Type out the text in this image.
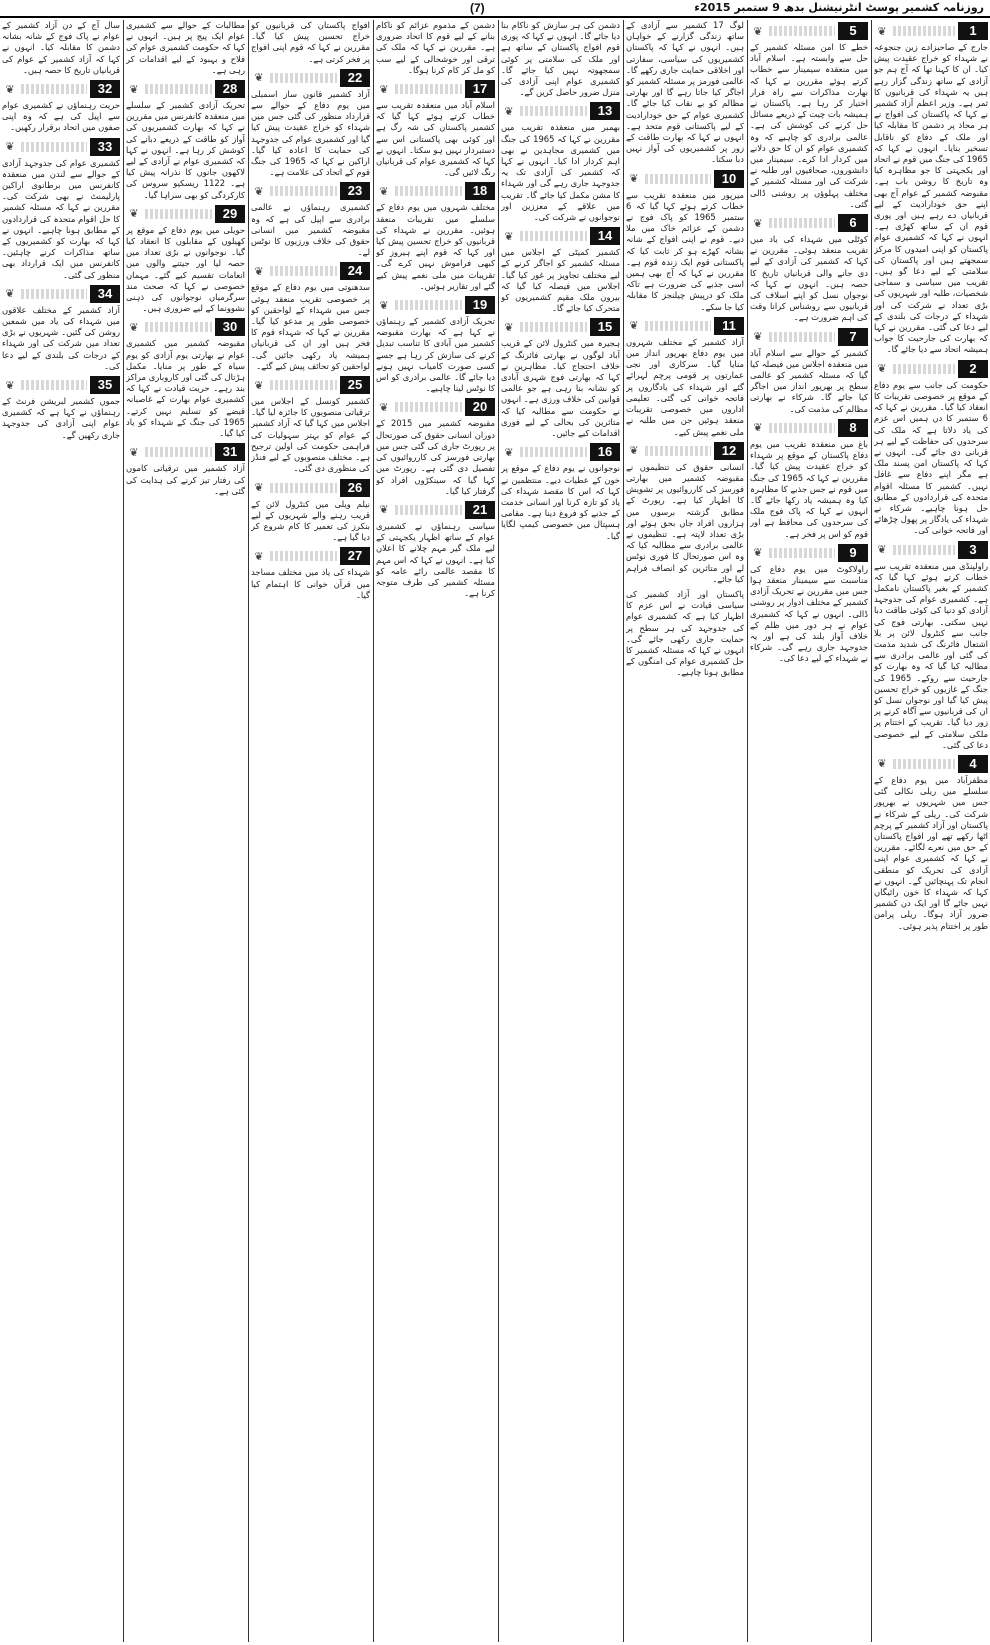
(7)	روزنامہ کشمیر پوسٹ انٹرنیشنل بدھ 9 ستمبر 2015ء
1
❦

جارج کے صاحبزادے زین جنجوعہ نے شہداء کو خراج عقیدت پیش کیا۔ ان کا کہنا تھا کہ آج ہم جو آزادی کے ساتھ زندگی گزار رہے ہیں یہ شہداء کی قربانیوں کا ثمر ہے۔ وزیر اعظم آزاد کشمیر نے کہا کہ پاکستان کی افواج نے ہر محاذ پر دشمن کا مقابلہ کیا اور ملک کے دفاع کو ناقابل تسخیر بنایا۔ انہوں نے کہا کہ 1965 کی جنگ میں قوم نے اتحاد اور یکجہتی کا جو مظاہرہ کیا وہ تاریخ کا روشن باب ہے۔ مقبوضہ کشمیر کے عوام آج بھی اپنے حق خودارادیت کے لیے قربانیاں دے رہے ہیں اور پوری قوم ان کے ساتھ کھڑی ہے۔ انہوں نے کہا کہ کشمیری عوام پاکستان کو اپنی امیدوں کا مرکز سمجھتے ہیں اور پاکستان کی سلامتی کے لیے دعا گو ہیں۔ تقریب میں سیاسی و سماجی شخصیات، طلبہ اور شہریوں کی بڑی تعداد نے شرکت کی اور شہداء کے درجات کی بلندی کے لیے دعا کی گئی۔ مقررین نے کہا کہ بھارت کی جارحیت کا جواب ہمیشہ اتحاد سے دیا جائے گا۔

2
❦

حکومت کی جانب سے یوم دفاع کے موقع پر خصوصی تقریبات کا انعقاد کیا گیا۔ مقررین نے کہا کہ 6 ستمبر کا دن ہمیں اس عزم کی یاد دلاتا ہے کہ ملک کی سرحدوں کی حفاظت کے لیے ہر قربانی دی جائے گی۔ انہوں نے کہا کہ پاکستان امن پسند ملک ہے مگر اپنے دفاع سے غافل نہیں۔ کشمیر کا مسئلہ اقوام متحدہ کی قراردادوں کے مطابق حل ہونا چاہیے۔ شرکاء نے شہداء کی یادگار پر پھول چڑھائے اور فاتحہ خوانی کی۔

3
❦

راولپنڈی میں منعقدہ تقریب سے خطاب کرتے ہوئے کہا گیا کہ کشمیر کے بغیر پاکستان نامکمل ہے۔ کشمیری عوام کی جدوجہد آزادی کو دنیا کی کوئی طاقت دبا نہیں سکتی۔ بھارتی فوج کی جانب سے کنٹرول لائن پر بلا اشتعال فائرنگ کی شدید مذمت کی گئی اور عالمی برادری سے مطالبہ کیا گیا کہ وہ بھارت کو جارحیت سے روکے۔ 1965 کی جنگ کے غازیوں کو خراج تحسین پیش کیا گیا اور نوجوان نسل کو ان کی قربانیوں سے آگاہ کرنے پر زور دیا گیا۔ تقریب کے اختتام پر ملکی سلامتی کے لیے خصوصی دعا کی گئی۔

4
❦

مظفرآباد میں یوم دفاع کے سلسلے میں ریلی نکالی گئی جس میں شہریوں نے بھرپور شرکت کی۔ ریلی کے شرکاء نے پاکستان اور آزاد کشمیر کے پرچم اٹھا رکھے تھے اور افواج پاکستان کے حق میں نعرے لگائے۔ مقررین نے کہا کہ کشمیری عوام اپنی آزادی کی تحریک کو منطقی انجام تک پہنچائیں گے۔ انہوں نے کہا کہ شہداء کا خون رائیگاں نہیں جائے گا اور ایک دن کشمیر ضرور آزاد ہوگا۔ ریلی پرامن طور پر اختتام پذیر ہوئی۔

5
❦

خطے کا امن مسئلہ کشمیر کے حل سے وابستہ ہے۔ اسلام آباد میں منعقدہ سیمینار سے خطاب کرتے ہوئے مقررین نے کہا کہ بھارت مذاکرات سے راہ فرار اختیار کر رہا ہے۔ پاکستان نے ہمیشہ بات چیت کے ذریعے مسائل حل کرنے کی کوشش کی ہے۔ عالمی برادری کو چاہیے کہ وہ کشمیری عوام کو ان کا حق دلانے میں کردار ادا کرے۔ سیمینار میں دانشوروں، صحافیوں اور طلبہ نے شرکت کی اور مسئلہ کشمیر کے مختلف پہلوؤں پر روشنی ڈالی گئی۔

6
❦

کوٹلی میں شہداء کی یاد میں تقریب منعقد ہوئی۔ مقررین نے کہا کہ کشمیر کی آزادی کے لیے دی جانے والی قربانیاں تاریخ کا حصہ ہیں۔ انہوں نے کہا کہ نوجوان نسل کو اپنے اسلاف کی قربانیوں سے روشناس کرانا وقت کی اہم ضرورت ہے۔

7
❦

کشمیر کے حوالے سے اسلام آباد میں منعقدہ اجلاس میں فیصلہ کیا گیا کہ مسئلہ کشمیر کو عالمی سطح پر بھرپور انداز میں اجاگر کیا جائے گا۔ شرکاء نے بھارتی مظالم کی مذمت کی۔

8
❦

باغ میں منعقدہ تقریب میں یوم دفاع پاکستان کے موقع پر شہداء کو خراج عقیدت پیش کیا گیا۔ مقررین نے کہا کہ 1965 کی جنگ میں قوم نے جس جذبے کا مظاہرہ کیا وہ ہمیشہ یاد رکھا جائے گا۔ انہوں نے کہا کہ پاک فوج ملک کی سرحدوں کی محافظ ہے اور قوم کو اس پر فخر ہے۔

9
❦

راولاکوٹ میں یوم دفاع کی مناسبت سے سیمینار منعقد ہوا جس میں مقررین نے تحریک آزادی کشمیر کے مختلف ادوار پر روشنی ڈالی۔ انہوں نے کہا کہ کشمیری عوام نے ہر دور میں ظلم کے خلاف آواز بلند کی ہے اور یہ جدوجہد جاری رہے گی۔ شرکاء نے شہداء کے لیے دعا کی۔

لوگ 17 کشمیر سے آزادی کے ساتھ زندگی گزارنے کے خواہاں ہیں۔ انہوں نے کہا کہ پاکستان کشمیریوں کی سیاسی، سفارتی اور اخلاقی حمایت جاری رکھے گا۔ عالمی فورمز پر مسئلہ کشمیر کو اجاگر کیا جاتا رہے گا اور بھارتی مظالم کو بے نقاب کیا جائے گا۔ کشمیری عوام کے حق خودارادیت کے لیے پاکستانی قوم متحد ہے۔ انہوں نے کہا کہ بھارت طاقت کے زور پر کشمیریوں کی آواز نہیں دبا سکتا۔

10
❦

میرپور میں منعقدہ تقریب سے خطاب کرتے ہوئے کہا گیا کہ 6 ستمبر 1965 کو پاک فوج نے دشمن کے عزائم خاک میں ملا دیے۔ قوم نے اپنی افواج کے شانہ بشانہ کھڑے ہو کر ثابت کیا کہ پاکستانی قوم ایک زندہ قوم ہے۔ مقررین نے کہا کہ آج بھی ہمیں اسی جذبے کی ضرورت ہے تاکہ ملک کو درپیش چیلنجز کا مقابلہ کیا جا سکے۔

11
❦

آزاد کشمیر کے مختلف شہروں میں یوم دفاع بھرپور انداز میں منایا گیا۔ سرکاری اور نجی عمارتوں پر قومی پرچم لہرائے گئے اور شہداء کی یادگاروں پر فاتحہ خوانی کی گئی۔ تعلیمی اداروں میں خصوصی تقریبات منعقد ہوئیں جن میں طلبہ نے ملی نغمے پیش کیے۔

12
❦

انسانی حقوق کی تنظیموں نے مقبوضہ کشمیر میں بھارتی فورسز کی کارروائیوں پر تشویش کا اظہار کیا ہے۔ رپورٹ کے مطابق گزشتہ برسوں میں ہزاروں افراد جاں بحق ہوئے اور بڑی تعداد لاپتہ ہے۔ تنظیموں نے عالمی برادری سے مطالبہ کیا کہ وہ اس صورتحال کا فوری نوٹس لے اور متاثرین کو انصاف فراہم کیا جائے۔

پاکستان اور آزاد کشمیر کی سیاسی قیادت نے اس عزم کا اظہار کیا ہے کہ کشمیری عوام کی جدوجہد کی ہر سطح پر حمایت جاری رکھی جائے گی۔ انہوں نے کہا کہ مسئلہ کشمیر کا حل کشمیری عوام کی امنگوں کے مطابق ہونا چاہیے۔

دشمن کی ہر سازش کو ناکام بنا دیا جائے گا۔ انہوں نے کہا کہ پوری قوم افواج پاکستان کے ساتھ ہے اور ملک کی سلامتی پر کوئی سمجھوتہ نہیں کیا جائے گا۔ کشمیری عوام اپنی آزادی کی منزل ضرور حاصل کریں گے۔

13
❦

بھمبر میں منعقدہ تقریب میں مقررین نے کہا کہ 1965 کی جنگ میں کشمیری مجاہدین نے بھی اہم کردار ادا کیا۔ انہوں نے کہا کہ کشمیر کی آزادی تک یہ جدوجہد جاری رہے گی اور شہداء کا مشن مکمل کیا جائے گا۔ تقریب میں علاقے کے معززین اور نوجوانوں نے شرکت کی۔

14
❦

کشمیر کمیٹی کے اجلاس میں مسئلہ کشمیر کو اجاگر کرنے کے لیے مختلف تجاویز پر غور کیا گیا۔ اجلاس میں فیصلہ کیا گیا کہ بیرون ملک مقیم کشمیریوں کو متحرک کیا جائے گا۔

15
❦

ہجیرہ میں کنٹرول لائن کے قریب آباد لوگوں نے بھارتی فائرنگ کے خلاف احتجاج کیا۔ مظاہرین نے کہا کہ بھارتی فوج شہری آبادی کو نشانہ بنا رہی ہے جو عالمی قوانین کی خلاف ورزی ہے۔ انہوں نے حکومت سے مطالبہ کیا کہ متاثرین کی بحالی کے لیے فوری اقدامات کیے جائیں۔

16
❦

نوجوانوں نے یوم دفاع کے موقع پر خون کے عطیات دیے۔ منتظمین نے کہا کہ اس کا مقصد شہداء کی یاد کو تازہ کرنا اور انسانی خدمت کے جذبے کو فروغ دینا ہے۔ مقامی ہسپتال میں خصوصی کیمپ لگایا گیا۔

دشمن کے مذموم عزائم کو ناکام بنانے کے لیے قوم کا اتحاد ضروری ہے۔ مقررین نے کہا کہ ملک کی ترقی اور خوشحالی کے لیے سب کو مل کر کام کرنا ہوگا۔

17
❦

اسلام آباد میں منعقدہ تقریب سے خطاب کرتے ہوئے کہا گیا کہ کشمیر پاکستان کی شہ رگ ہے اور کوئی بھی پاکستانی اس سے دستبردار نہیں ہو سکتا۔ انہوں نے کہا کہ کشمیری عوام کی قربانیاں رنگ لائیں گی۔

18
❦

مختلف شہروں میں یوم دفاع کے سلسلے میں تقریبات منعقد ہوئیں۔ مقررین نے شہداء کی قربانیوں کو خراج تحسین پیش کیا اور کہا کہ قوم اپنے ہیروز کو کبھی فراموش نہیں کرے گی۔ تقریبات میں ملی نغمے پیش کیے گئے اور تقاریر ہوئیں۔

19
❦

تحریک آزادی کشمیر کے رہنماؤں نے کہا ہے کہ بھارت مقبوضہ کشمیر میں آبادی کا تناسب تبدیل کرنے کی سازش کر رہا ہے جسے کسی صورت کامیاب نہیں ہونے دیا جائے گا۔ عالمی برادری کو اس کا نوٹس لینا چاہیے۔

20
❦

مقبوضہ کشمیر میں 2015 کے دوران انسانی حقوق کی صورتحال پر رپورٹ جاری کی گئی جس میں بھارتی فورسز کی کارروائیوں کی تفصیل دی گئی ہے۔ رپورٹ میں کہا گیا کہ سینکڑوں افراد کو گرفتار کیا گیا۔

21
❦

سیاسی رہنماؤں نے کشمیری عوام کے ساتھ اظہار یکجہتی کے لیے ملک گیر مہم چلانے کا اعلان کیا ہے۔ انہوں نے کہا کہ اس مہم کا مقصد عالمی رائے عامہ کو مسئلہ کشمیر کی طرف متوجہ کرنا ہے۔

افواج پاکستان کی قربانیوں کو خراج تحسین پیش کیا گیا۔ مقررین نے کہا کہ قوم اپنی افواج پر فخر کرتی ہے۔

22
❦

آزاد کشمیر قانون ساز اسمبلی میں یوم دفاع کے حوالے سے قرارداد منظور کی گئی جس میں شہداء کو خراج عقیدت پیش کیا گیا اور کشمیری عوام کی جدوجہد کی حمایت کا اعادہ کیا گیا۔ اراکین نے کہا کہ 1965 کی جنگ قوم کے اتحاد کی علامت ہے۔

23
❦

کشمیری رہنماؤں نے عالمی برادری سے اپیل کی ہے کہ وہ مقبوضہ کشمیر میں انسانی حقوق کی خلاف ورزیوں کا نوٹس لے۔

24
❦

سدھنوتی میں یوم دفاع کے موقع پر خصوصی تقریب منعقد ہوئی جس میں شہداء کے لواحقین کو خصوصی طور پر مدعو کیا گیا۔ مقررین نے کہا کہ شہداء قوم کا فخر ہیں اور ان کی قربانیاں ہمیشہ یاد رکھی جائیں گی۔ لواحقین کو تحائف پیش کیے گئے۔

25
❦

کشمیر کونسل کے اجلاس میں ترقیاتی منصوبوں کا جائزہ لیا گیا۔ اجلاس میں کہا گیا کہ آزاد کشمیر کے عوام کو بہتر سہولیات کی فراہمی حکومت کی اولین ترجیح ہے۔ مختلف منصوبوں کے لیے فنڈز کی منظوری دی گئی۔

26
❦

نیلم ویلی میں کنٹرول لائن کے قریب رہنے والے شہریوں کے لیے بنکرز کی تعمیر کا کام شروع کر دیا گیا ہے۔

27
❦

شہداء کی یاد میں مختلف مساجد میں قرآن خوانی کا اہتمام کیا گیا۔

مطالبات کے حوالے سے کشمیری عوام ایک پیج پر ہیں۔ انہوں نے کہا کہ حکومت کشمیری عوام کی فلاح و بہبود کے لیے اقدامات کر رہی ہے۔

28
❦

تحریک آزادی کشمیر کے سلسلے میں منعقدہ کانفرنس میں مقررین نے کہا کہ بھارت کشمیریوں کی آواز کو طاقت کے ذریعے دبانے کی کوشش کر رہا ہے۔ انہوں نے کہا کہ کشمیری عوام نے آزادی کے لیے لاکھوں جانوں کا نذرانہ پیش کیا ہے۔ 1122 ریسکیو سروس کی کارکردگی کو بھی سراہا گیا۔

29
❦

حویلی میں یوم دفاع کے موقع پر کھیلوں کے مقابلوں کا انعقاد کیا گیا۔ نوجوانوں نے بڑی تعداد میں حصہ لیا اور جیتنے والوں میں انعامات تقسیم کیے گئے۔ مہمان خصوصی نے کہا کہ صحت مند سرگرمیاں نوجوانوں کی ذہنی نشوونما کے لیے ضروری ہیں۔

30
❦

مقبوضہ کشمیر میں کشمیری عوام نے بھارتی یوم آزادی کو یوم سیاہ کے طور پر منایا۔ مکمل ہڑتال کی گئی اور کاروباری مراکز بند رہے۔ حریت قیادت نے کہا کہ کشمیری عوام بھارت کے غاصبانہ قبضے کو تسلیم نہیں کرتے۔ 1965 کی جنگ کے شہداء کو یاد کیا گیا۔

31
❦

آزاد کشمیر میں ترقیاتی کاموں کی رفتار تیز کرنے کی ہدایت کی گئی ہے۔

سال آج کے دن آزاد کشمیر کے عوام نے پاک فوج کے شانہ بشانہ دشمن کا مقابلہ کیا۔ انہوں نے کہا کہ آزاد کشمیر کے عوام کی قربانیاں تاریخ کا حصہ ہیں۔

32
❦

حریت رہنماؤں نے کشمیری عوام سے اپیل کی ہے کہ وہ اپنی صفوں میں اتحاد برقرار رکھیں۔

33
❦

کشمیری عوام کی جدوجہد آزادی کے حوالے سے لندن میں منعقدہ کانفرنس میں برطانوی اراکین پارلیمنٹ نے بھی شرکت کی۔ مقررین نے کہا کہ مسئلہ کشمیر کا حل اقوام متحدہ کی قراردادوں کے مطابق ہونا چاہیے۔ انہوں نے کہا کہ بھارت کو کشمیریوں کے ساتھ مذاکرات کرنے چاہئیں۔ کانفرنس میں ایک قرارداد بھی منظور کی گئی۔

34
❦

آزاد کشمیر کے مختلف علاقوں میں شہداء کی یاد میں شمعیں روشن کی گئیں۔ شہریوں نے بڑی تعداد میں شرکت کی اور شہداء کے درجات کی بلندی کے لیے دعا کی۔

35
❦

جموں کشمیر لبریشن فرنٹ کے رہنماؤں نے کہا ہے کہ کشمیری عوام اپنی آزادی کی جدوجہد جاری رکھیں گے۔
